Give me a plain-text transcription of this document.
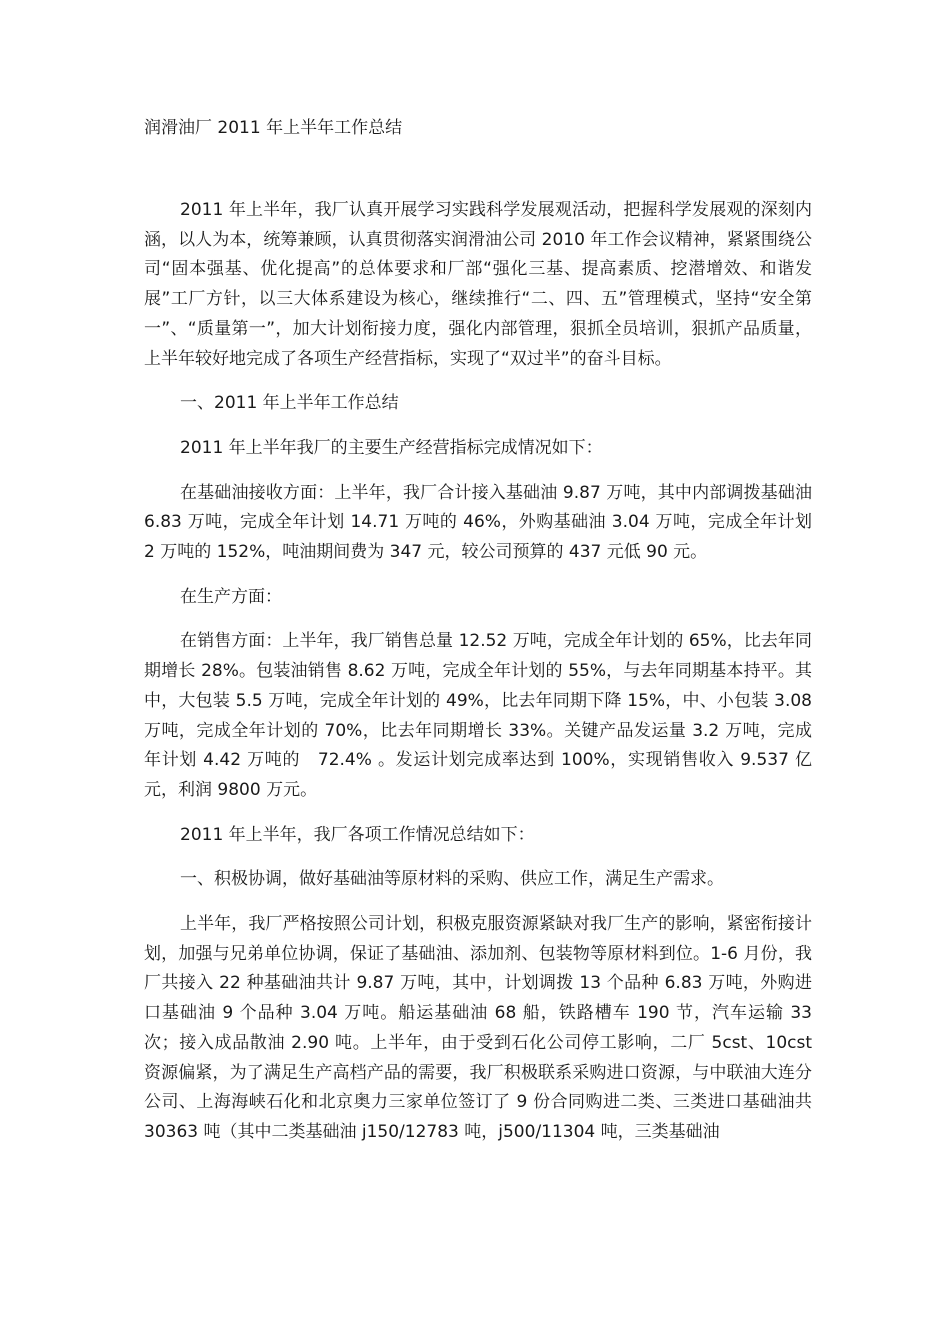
润滑油厂 2011 年上半年工作总结

2011 年上半年，我厂认真开展学习实践科学发展观活动，把握科学发展观的深刻内涵，以人为本，统筹兼顾，认真贯彻落实润滑油公司 2010 年工作会议精神，紧紧围绕公司“固本强基、优化提高”的总体要求和厂部“强化三基、提高素质、挖潜增效、和谐发展”工厂方针，以三大体系建设为核心，继续推行“二、四、五”管理模式，坚持“安全第一”、“质量第一”，加大计划衔接力度，强化内部管理，狠抓全员培训，狠抓产品质量，上半年较好地完成了各项生产经营指标，实现了“双过半”的奋斗目标。

一、2011 年上半年工作总结

2011 年上半年我厂的主要生产经营指标完成情况如下：

在基础油接收方面：上半年，我厂合计接入基础油 9.87 万吨，其中内部调拨基础油 6.83 万吨，完成全年计划 14.71 万吨的 46%，外购基础油 3.04 万吨，完成全年计划 2 万吨的 152%，吨油期间费为 347 元，较公司预算的 437 元低 90 元。

在生产方面：

在销售方面：上半年，我厂销售总量 12.52 万吨，完成全年计划的 65%，比去年同期增长 28%。包装油销售 8.62 万吨，完成全年计划的 55%，与去年同期基本持平。其中，大包装 5.5 万吨，完成全年计划的 49%，比去年同期下降 15%，中、小包装 3.08 万吨，完成全年计划的 70%，比去年同期增长 33%。关键产品发运量 3.2 万吨，完成年计划 4.42 万吨的　72.4% 。发运计划完成率达到 100%，实现销售收入 9.537 亿元，利润 9800 万元。

2011 年上半年，我厂各项工作情况总结如下：

一、积极协调，做好基础油等原材料的采购、供应工作，满足生产需求。

上半年，我厂严格按照公司计划，积极克服资源紧缺对我厂生产的影响，紧密衔接计划，加强与兄弟单位协调，保证了基础油、添加剂、包装物等原材料到位。1-6 月份，我厂共接入 22 种基础油共计 9.87 万吨，其中，计划调拨 13 个品种 6.83 万吨，外购进口基础油 9 个品种 3.04 万吨。船运基础油 68 船，铁路槽车 190 节，汽车运输 33 次；接入成品散油 2.90 吨。上半年，由于受到石化公司停工影响，二厂 5cst、10cst 资源偏紧，为了满足生产高档产品的需要，我厂积极联系采购进口资源，与中联油大连分公司、上海海峡石化和北京奥力三家单位签订了 9 份合同购进二类、三类进口基础油共 30363 吨（其中二类基础油 j150/12783 吨，j500/11304 吨，三类基础油
